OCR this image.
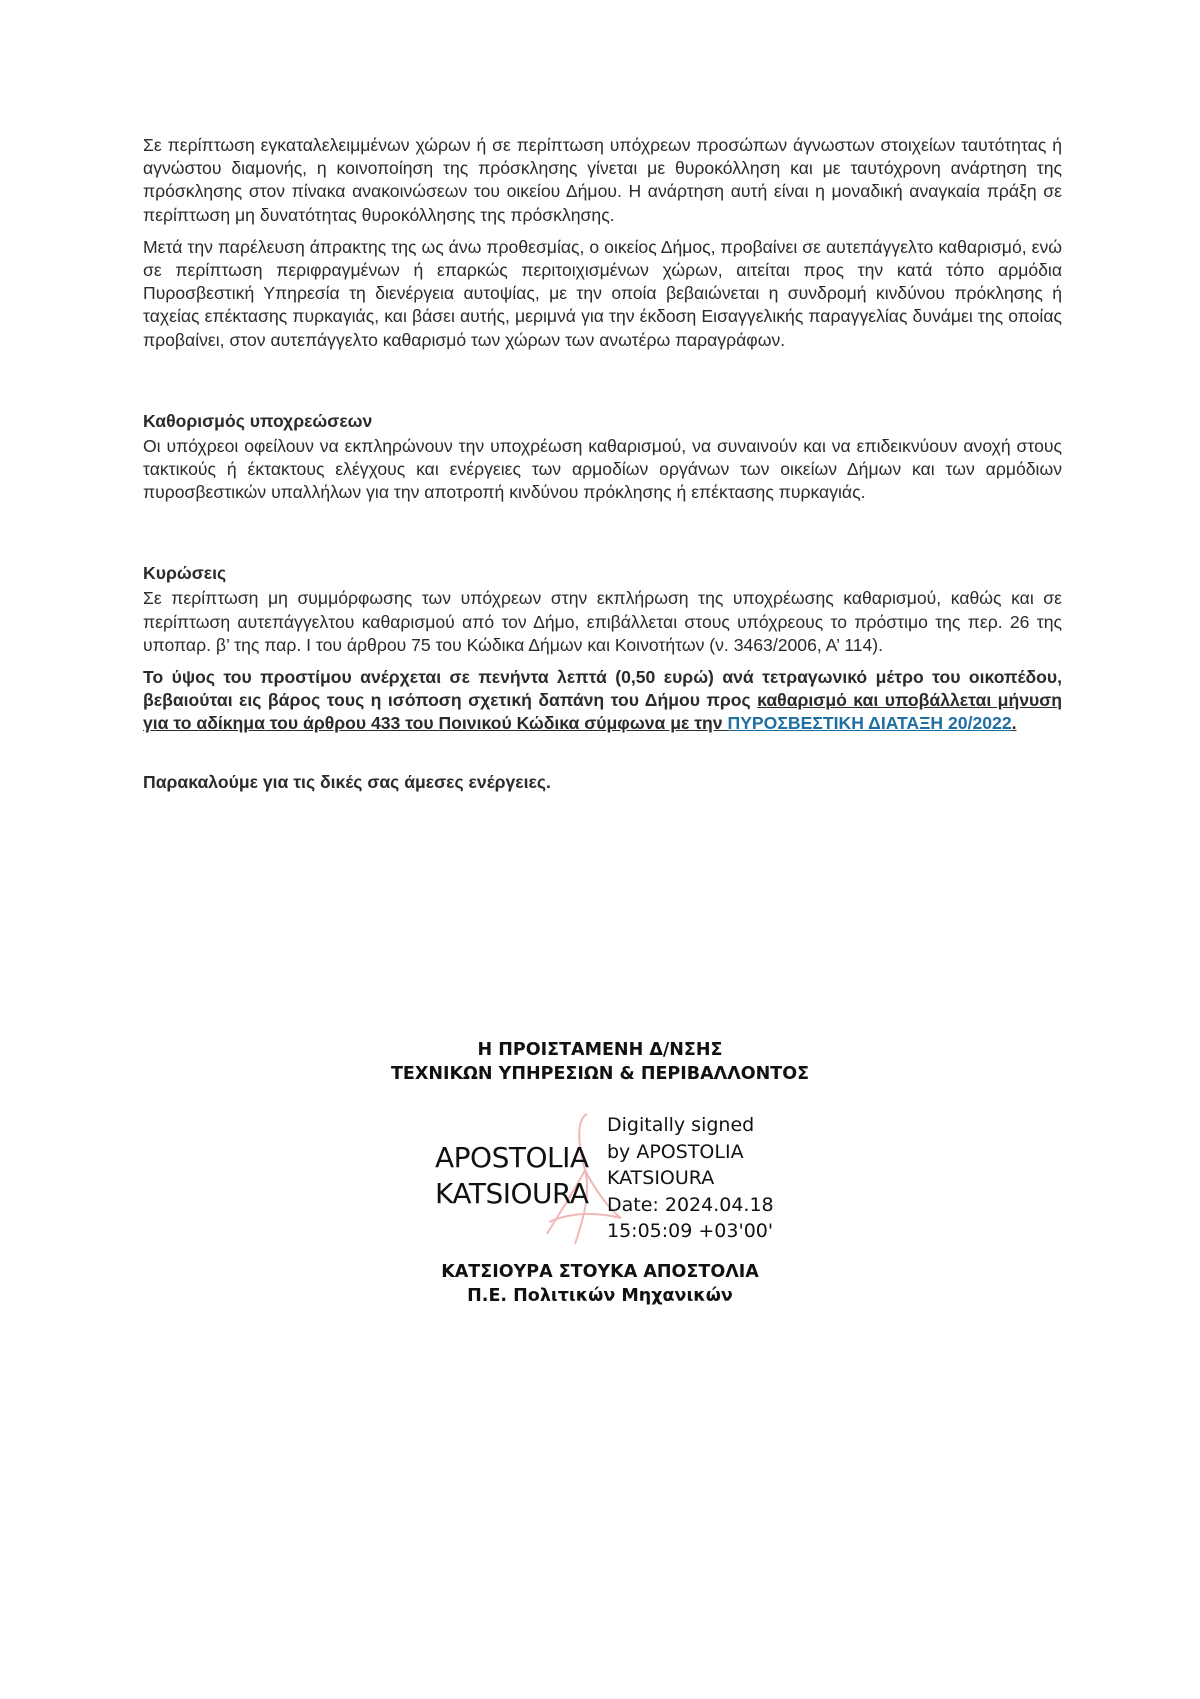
Σε περίπτωση εγκαταλελειμμένων χώρων ή σε περίπτωση υπόχρεων προσώπων άγνωστων στοιχείων ταυτότητας ή αγνώστου διαμονής, η κοινοποίηση της πρόσκλησης γίνεται με θυροκόλληση και με ταυτόχρονη ανάρτηση της πρόσκλησης στον πίνακα ανακοινώσεων του οικείου Δήμου. Η ανάρτηση αυτή είναι η μοναδική αναγκαία πράξη σε περίπτωση μη δυνατότητας θυροκόλλησης της πρόσκλησης.

Μετά την παρέλευση άπρακτης της ως άνω προθεσμίας, ο οικείος Δήμος, προβαίνει σε αυτεπάγγελτο καθαρισμό, ενώ σε περίπτωση περιφραγμένων ή επαρκώς περιτοιχισμένων χώρων, αιτείται προς την κατά τόπο αρμόδια Πυροσβεστική Υπηρεσία τη διενέργεια αυτοψίας, με την οποία βεβαιώνεται η συνδρομή κινδύνου πρόκλησης ή ταχείας επέκτασης πυρκαγιάς, και βάσει αυτής, μεριμνά για την έκδοση Εισαγγελικής παραγγελίας δυνάμει της οποίας προβαίνει, στον αυτεπάγγελτο καθαρισμό των χώρων των ανωτέρω παραγράφων.

Καθορισμός υποχρεώσεων

Οι υπόχρεοι οφείλουν να εκπληρώνουν την υποχρέωση καθαρισμού, να συναινούν και να επιδεικνύουν ανοχή στους τακτικούς ή έκτακτους ελέγχους και ενέργειες των αρμοδίων οργάνων των οικείων Δήμων και των αρμόδιων πυροσβεστικών υπαλλήλων για την αποτροπή κινδύνου πρόκλησης ή επέκτασης πυρκαγιάς.

Κυρώσεις

Σε περίπτωση μη συμμόρφωσης των υπόχρεων στην εκπλήρωση της υποχρέωσης καθαρισμού, καθώς και σε περίπτωση αυτεπάγγελτου καθαρισμού από τον Δήμο, επιβάλλεται στους υπόχρεους το πρόστιμο της περ. 26 της υποπαρ. β’ της παρ. Ι του άρθρου 75 του Κώδικα Δήμων και Κοινοτήτων (ν. 3463/2006, Α’ 114).

Το ύψος του προστίμου ανέρχεται σε πενήντα λεπτά (0,50 ευρώ) ανά τετραγωνικό μέτρο του οικοπέδου, βεβαιούται εις βάρος τους η ισόποση σχετική δαπάνη του Δήμου προς καθαρισμό και υποβάλλεται μήνυση για το αδίκημα του άρθρου 433 του Ποινικού Κώδικα σύμφωνα με την ΠΥΡΟΣΒΕΣΤΙΚΗ ΔΙΑΤΑΞΗ 20/2022.

Παρακαλούμε για τις δικές σας άμεσες ενέργειες.

Η ΠΡΟΙΣΤΑΜΕΝΗ Δ/ΝΣΗΣ
ΤΕΧΝΙΚΩΝ ΥΠΗΡΕΣΙΩΝ & ΠΕΡΙΒΑΛΛΟΝΤΟΣ
APOSTOLIA
KATSIOURA
Digitally signed
by APOSTOLIA
KATSIOURA
Date: 2024.04.18
15:05:09 +03'00'
ΚΑΤΣΙΟΥΡΑ ΣΤΟΥΚΑ ΑΠΟΣΤΟΛΙΑ
Π.Ε. Πολιτικών Μηχανικών
